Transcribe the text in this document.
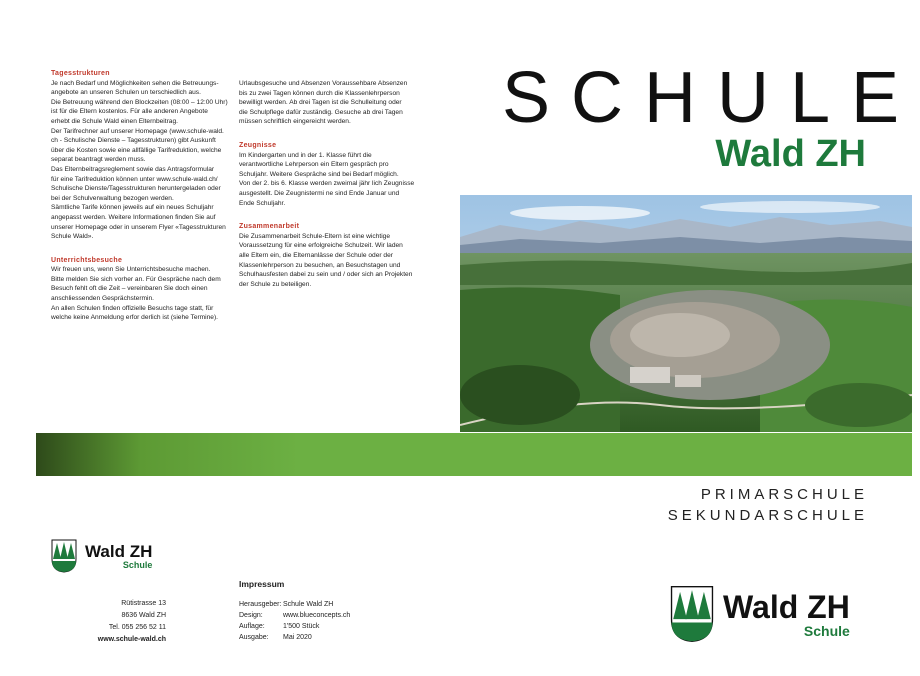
Tagesstrukturen

Je nach Bedarf und Möglichkeiten sehen die Betreuungs-

angebote an unseren Schulen un terschiedlich aus.

Die Betreuung während den Blockzeiten (08:00 – 12:00 Uhr)

ist für die Eltern kostenlos. Für alle anderen Angebote

erhebt die Schule Wald einen Elternbeitrag.

Der Tarifrechner auf unserer Homepage (www.schule-wald.

ch - Schulische Dienste – Tagesstrukturen) gibt Auskunft

über die Kosten sowie eine allfällige Tarifreduktion, welche

separat beantragt werden muss.

Das Elternbeitragsreglement sowie das Antragsformular

für eine Tarifreduktion können unter www.schule-wald.ch/

Schulische Dienste/Tagesstrukturen heruntergeladen oder

bei der Schulverwaltung bezogen werden.

Sämtliche Tarife können jeweils auf ein neues Schuljahr

angepasst werden. Weitere Informationen finden Sie auf

unserer Homepage oder in unserem Flyer «Tagesstrukturen

Schule Wald».

Unterrichtsbesuche

Wir freuen uns, wenn Sie Unterrichtsbesuche machen.

Bitte melden Sie sich vorher an. Für Gespräche nach dem

Besuch fehlt oft die Zeit – vereinbaren Sie doch einen

anschliessenden Gesprächstermin.

An allen Schulen finden offizielle Besuchs tage statt, für

welche keine Anmeldung erfor derlich ist (siehe Termine).

Urlaubsgesuche und Absenzen Voraussehbare Absenzen

bis zu zwei Tagen können durch die Klassenlehrperson

bewilligt werden. Ab drei Tagen ist die Schulleitung oder

die Schulpflege dafür zuständig. Gesuche ab drei Tagen

müssen schriftlich eingereicht werden.

Zeugnisse

Im Kindergarten und in der 1. Klasse führt die

verantwortliche Lehrperson ein Eltern gespräch pro

Schuljahr. Weitere Gespräche sind bei Bedarf möglich.

Von der 2. bis 6. Klasse werden zweimal jähr lich Zeugnisse

ausgestellt. Die Zeugnistermi ne sind Ende Januar und

Ende Schuljahr.

Zusammenarbeit

Die Zusammenarbeit Schule-Eltern ist eine wichtige

Voraussetzung für eine erfolgreiche Schulzeit. Wir laden

alle Eltern ein, die Elternanlässe der Schule oder der

Klassenlehrperson zu besuchen, an Besuchstagen und

Schulhausfesten dabei zu sein und / oder sich an Projekten

der Schule zu beteiligen.

SCHULE
Wald ZH

PRIMARSCHULE

SEKUNDARSCHULE

Wald ZH
Schule

Rütistrasse 13

8636 Wald ZH

Tel. 055 256 52 11

www.schule-wald.ch

Impressum
Herausgeber:	Schule Wald ZH
Design:	www.blueconcepts.ch
Auflage:	1'500 Stück
Ausgabe:	Mai 2020
Wald ZH
Schule
